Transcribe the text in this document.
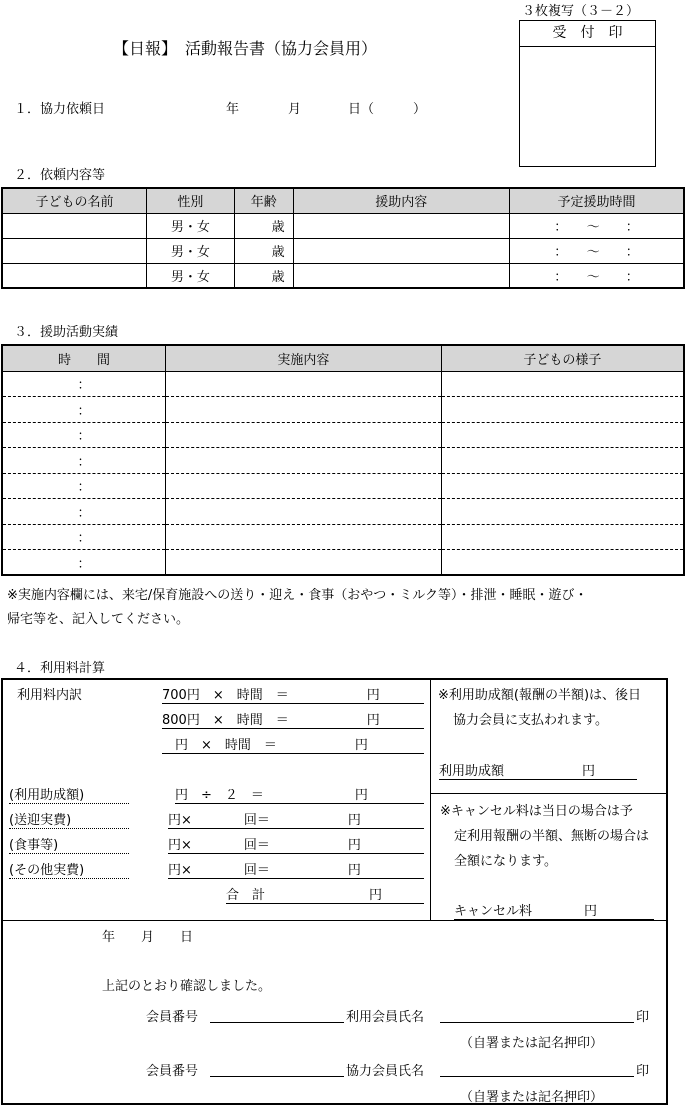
３枚複写（３－２）
【日報】　活動報告書（協力会員用）
受　付　印
１．協力依頼日	年	月	日（　　　）
２．依頼内容等
子どもの名前	性別	年齢	援助内容	予定援助時間
	男・女	歳		：　　～　　：
	男・女	歳		：　　～　　：
	男・女	歳		：　　～　　：
３．援助活動実績
時　　間	実施内容	子どもの様子
：		
：		
：		
：		
：		
：		
：		
：		
※実施内容欄には、来宅/保育施設への送り・迎え・食事（おやつ・ミルク等）・排泄・睡眠・遊び・
帰宅等を、記入してください。
４．利用料計算
利用料内訳	700円　×　時間　＝　　　　　　円
800円　×　時間　＝　　　　　　円
　円　×　時間　＝　　　　　　円
(利用助成額)	円　÷　２　＝　　　　　　　円
(送迎実費)	円×　　　　回＝　　　　　　円
(食事等)	円×　　　　回＝　　　　　　円
(その他実費)	円×　　　　回＝　　　　　　円
合　計　　　　　　　　円
※利用助成額(報酬の半額)は、後日
協力会員に支払われます。
利用助成額　　　　　　円
※キャンセル料は当日の場合は予
定利用報酬の半額、無断の場合は
全額になります。
キャンセル料　　　　円
年　　月　　日
上記のとおり確認しました。
会員番号	利用会員氏名	印
（自署または記名押印）
会員番号	協力会員氏名	印
（自署または記名押印）
